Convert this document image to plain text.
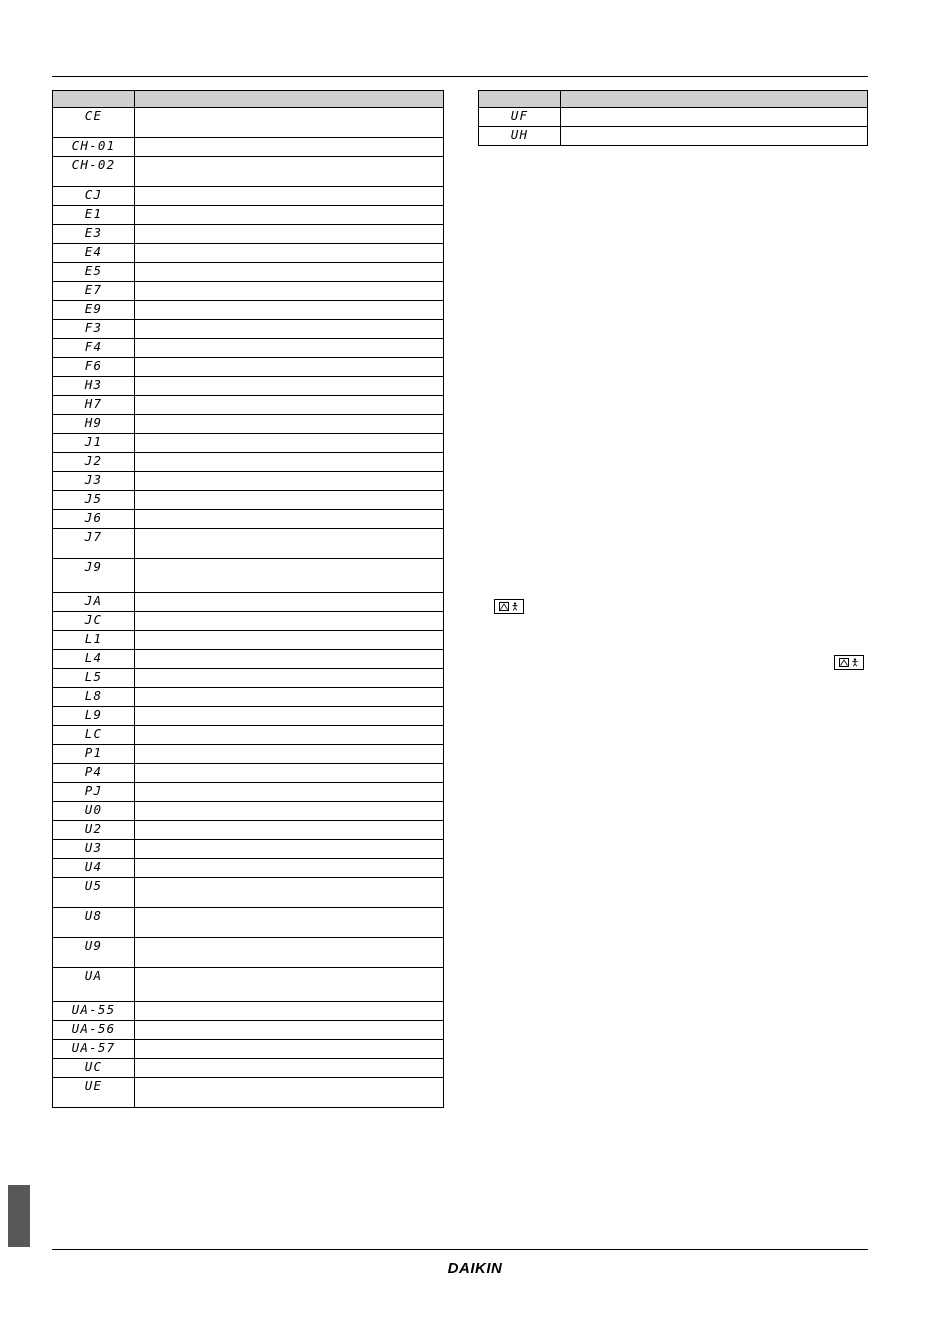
CE	
CH-01	
CH-02	
CJ	
E1	
E3	
E4	
E5	
E7	
E9	
F3	
F4	
F6	
H3	
H7	
H9	
J1	
J2	
J3	
J5	
J6	
J7	
J9	
JA	
JC	
L1	
L4	
L5	
L8	
L9	
LC	
P1	
P4	
PJ	
U0	
U2	
U3	
U4	
U5	
U8	
U9	
UA	
UA-55	
UA-56	
UA-57	
UC	
UE	

UF	
UH	
DAIKIN
